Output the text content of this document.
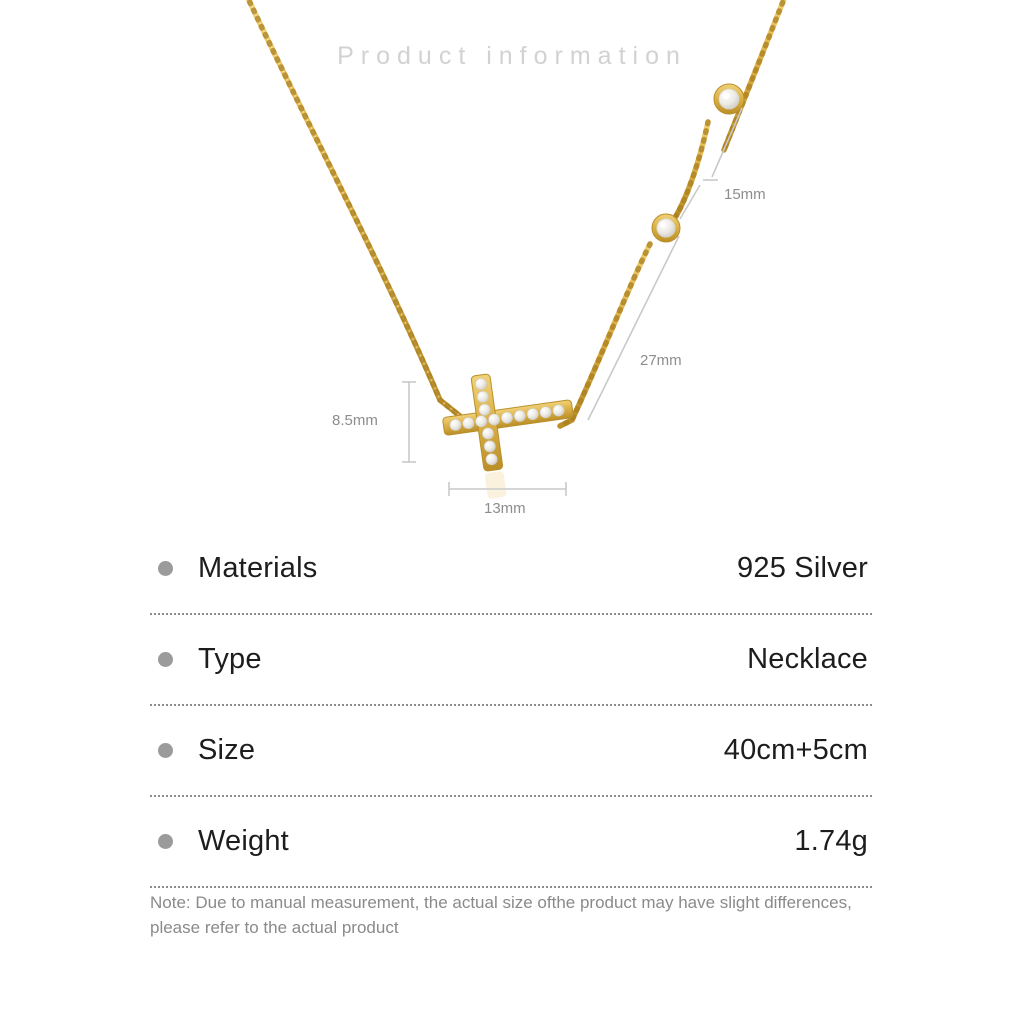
Product information
15mm
27mm
8.5mm
13mm
Materials	925 Silver
Type	Necklace
Size	40cm+5cm
Weight	1.74g
Note: Due to manual measurement, the actual size ofthe product may have slight differences, please refer to the actual product
